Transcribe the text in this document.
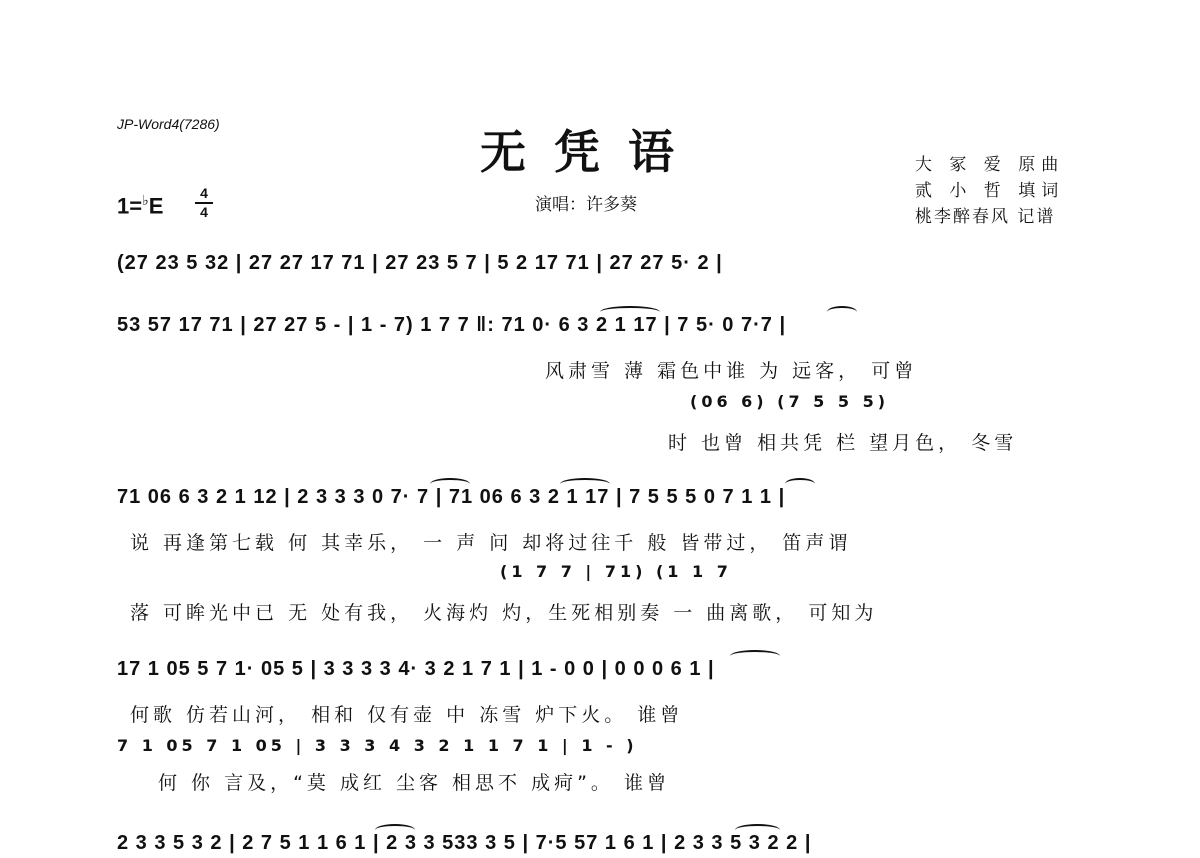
JP-Word4(7286)
无凭语
演唱：许多葵
大 冢 爱 原曲
贰 小 哲 填词
桃李醉春风 记谱
1=♭E
4
4
(27 23 5 32 | 27 27 17 71 | 27 23 5 7 | 5 2 17 71 | 27 27 5· 2 |
53 57 17 71 | 27 27 5 - | 1 - 7) 1 7 7 ‖: 71 0· 6 3 2 1 17 | 7 5· 0 7·7 |
风肃雪 薄 霜色中谁 为 远客， 可曾
(06 6) (7 5 5 5)
时 也曾 相共凭 栏 望月色， 冬雪
71 06 6 3 2 1 12 | 2 3 3 3 0 7· 7 | 71 06 6 3 2 1 17 | 7 5 5 5 0 7 1 1 |
说 再逢第七载 何 其幸乐， 一 声 问 却将过往千 般 皆带过， 笛声谓
(1 7 7 | 71) (1 1 7
落 可眸光中已 无 处有我， 火海灼 灼，生死相别奏 一 曲离歌， 可知为
17 1 05 5 7 1· 05 5 | 3 3 3 3 4· 3 2 1 7 1 | 1 - 0 0 | 0 0 0 6 1 |
何歌 仿若山河， 相和 仅有壶 中 冻雪 炉下火。 谁曾
7 1 05 7 1 05 | 3 3 3 4 3 2 1 1 7 1 | 1 - )
何 你 言及，“莫 成红 尘客 相思不 成疴”。 谁曾
2 3 3 5 3 2 | 2 7 5 1 1 6 1 | 2 3 3 533 3 5 | 7·5 57 1 6 1 | 2 3 3 5 3 2 2 |
